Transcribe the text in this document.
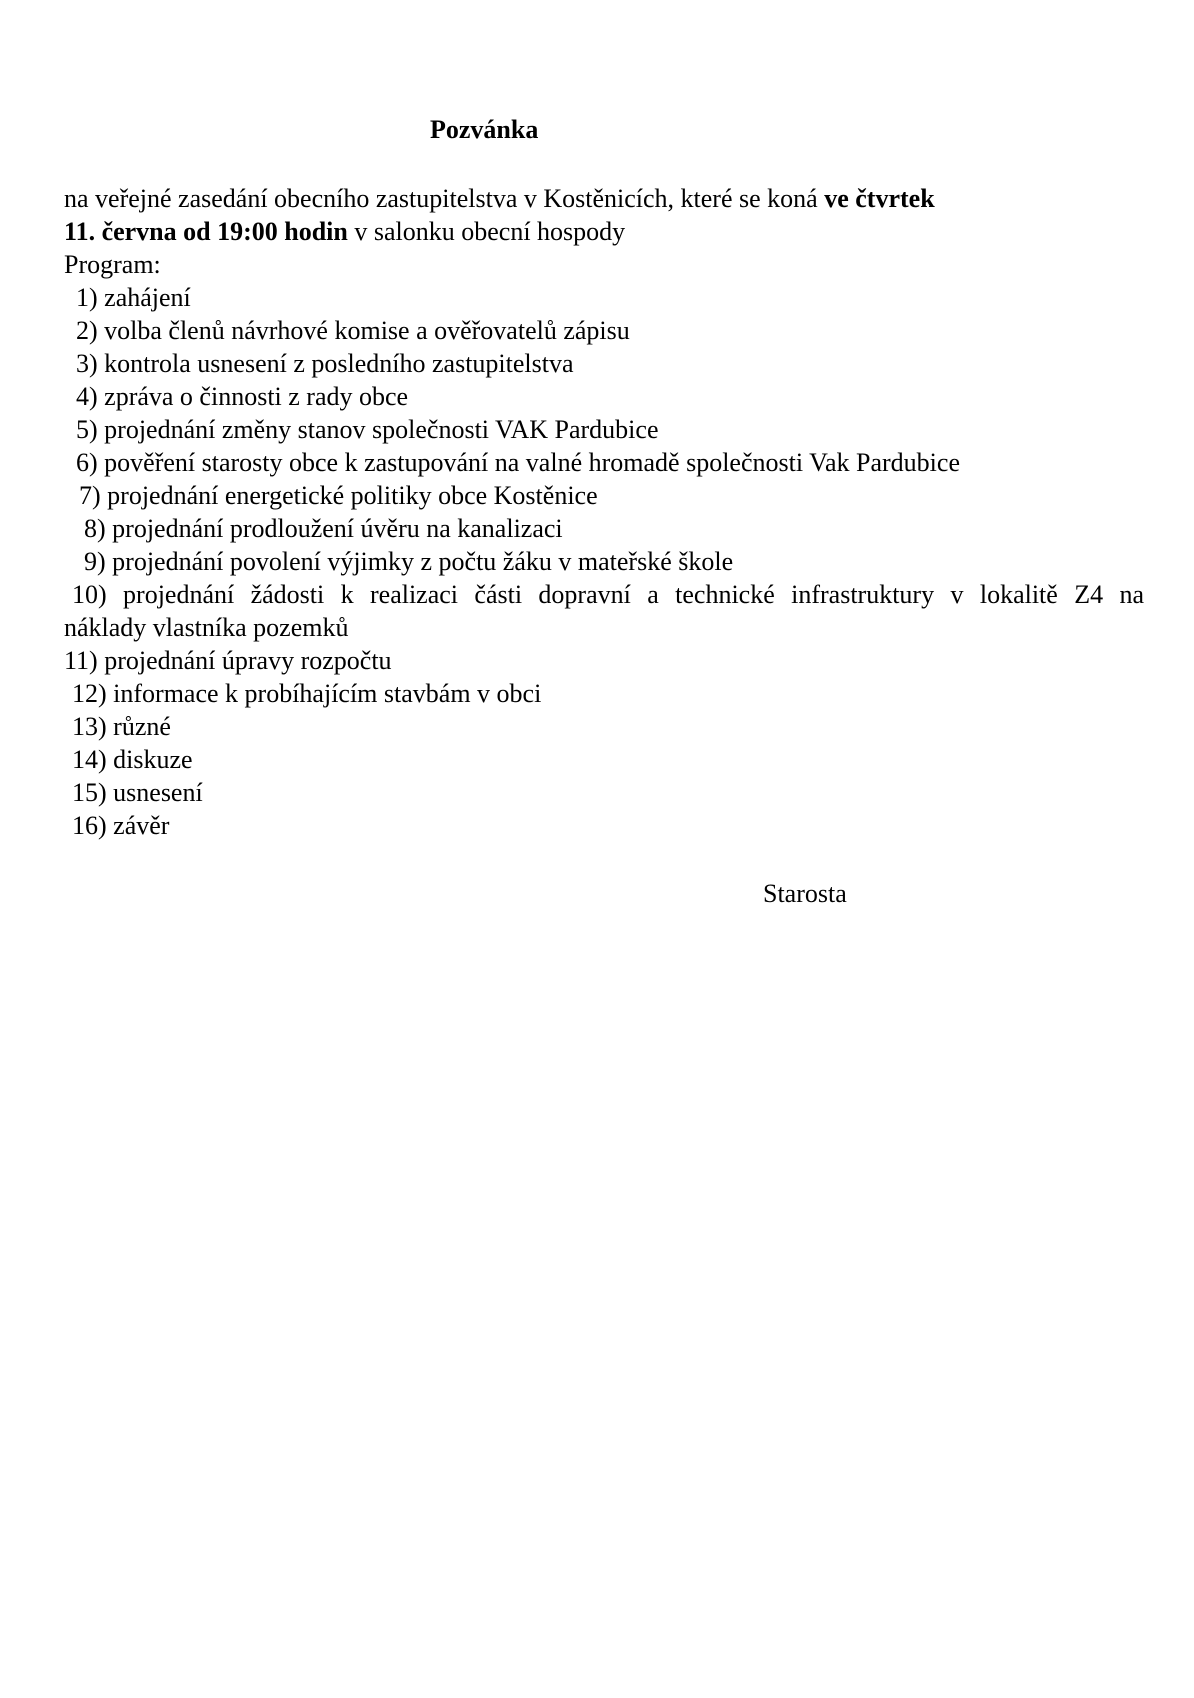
Pozvánka
na veřejné zasedání obecního zastupitelstva v Kostěnicích, které se koná ve čtvrtek
11. června od 19:00 hodin v salonku obecní hospody
Program:
1) zahájení
2) volba členů návrhové komise a ověřovatelů zápisu
3) kontrola usnesení z posledního zastupitelstva
4) zpráva o činnosti z rady obce
5) projednání změny stanov společnosti VAK Pardubice
6) pověření starosty obce k zastupování na valné hromadě společnosti Vak Pardubice
7) projednání energetické politiky obce Kostěnice
8) projednání prodloužení úvěru na kanalizaci
9) projednání povolení výjimky z počtu žáku v mateřské škole
10) projednání žádosti k realizaci části dopravní a technické infrastruktury v lokalitě Z4 na
náklady vlastníka pozemků
11) projednání úpravy rozpočtu
12) informace k probíhajícím stavbám v obci
13) různé
14) diskuze
15) usnesení
16) závěr
Starosta
